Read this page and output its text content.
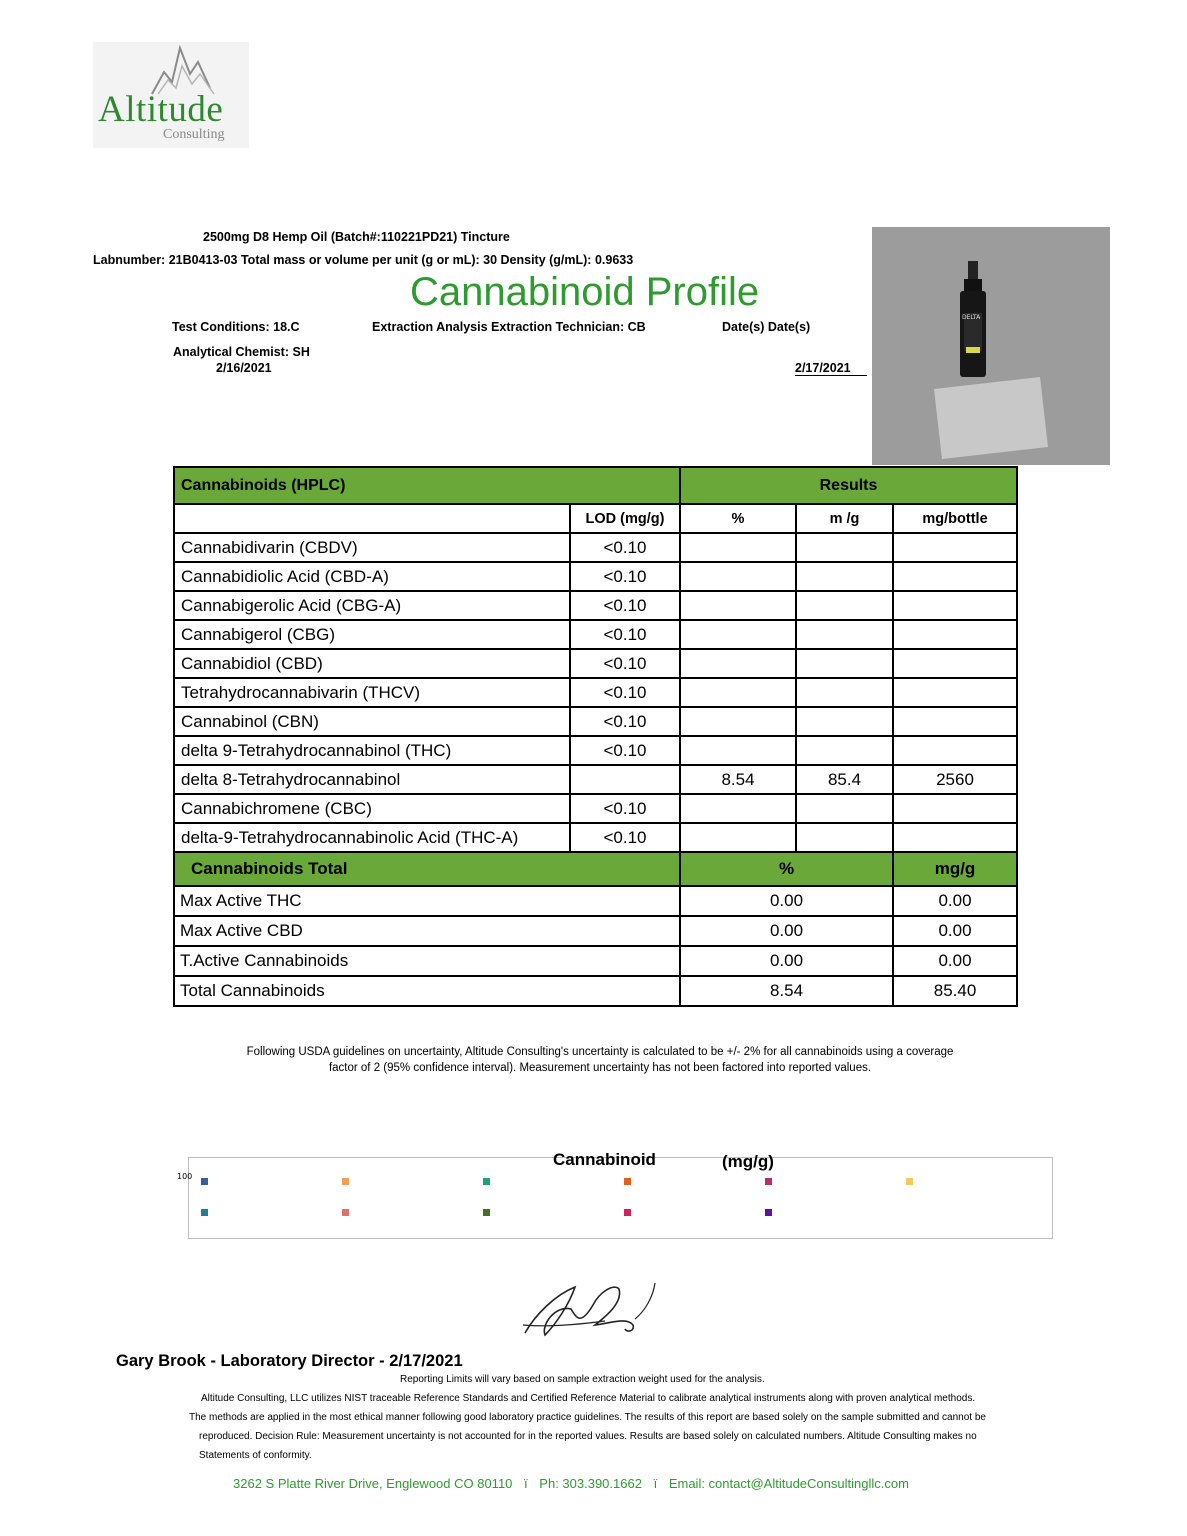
Altitude
Consulting
2500mg D8 Hemp Oil (Batch#:110221PD21) Tincture
Labnumber: 21B0413-03 Total mass or volume per unit (g or mL): 30 Density (g/mL): 0.9633
Cannabinoid Profile
Test Conditions: 18.C	Extraction Analysis Extraction Technician: CB	Date(s) Date(s)
Analytical Chemist: SH
2/16/2021	2/17/2021
DELTA
Cannabinoids (HPLC)		Results		
	LOD (mg/g)	%	m /g	mg/bottle
Cannabidivarin (CBDV)	<0.10			
Cannabidiolic Acid (CBD-A)	<0.10			
Cannabigerolic Acid (CBG-A)	<0.10			
Cannabigerol (CBG)	<0.10			
Cannabidiol (CBD)	<0.10			
Tetrahydrocannabivarin (THCV)	<0.10			
Cannabinol (CBN)	<0.10			
delta 9-Tetrahydrocannabinol (THC)	<0.10			
delta 8-Tetrahydrocannabinol		8.54	85.4	2560
Cannabichromene (CBC)	<0.10			
delta-9-Tetrahydrocannabinolic Acid (THC-A)	<0.10			
Cannabinoids Total		%		mg/g
Max Active THC		0.00		0.00
Max Active CBD		0.00		0.00
T.Active Cannabinoids		0.00		0.00
Total Cannabinoids		8.54		85.40
Following USDA guidelines on uncertainty, Altitude Consulting's uncertainty is calculated to be +/- 2% for all cannabinoids using a coverage
factor of 2 (95% confidence interval). Measurement uncertainty has not been factored into reported values.
Cannabinoid	(mg/g)
100
Gary Brook - Laboratory Director - 2/17/2021
Reporting Limits will vary based on sample extraction weight used for the analysis.
Altitude Consulting, LLC utilizes NIST traceable Reference Standards and Certified Reference Material to calibrate analytical instruments along with proven analytical methods.
The methods are applied in the most ethical manner following good laboratory practice guidelines. The results of this report are based solely on the sample submitted and cannot be
reproduced. Decision Rule: Measurement uncertainty is not accounted for in the reported values. Results are based solely on calculated numbers. Altitude Consulting makes no
Statements of conformity.
3262 S Platte River Drive, Englewood CO 80110 ï Ph: 303.390.1662 ï Email: contact@AltitudeConsultingllc.com
